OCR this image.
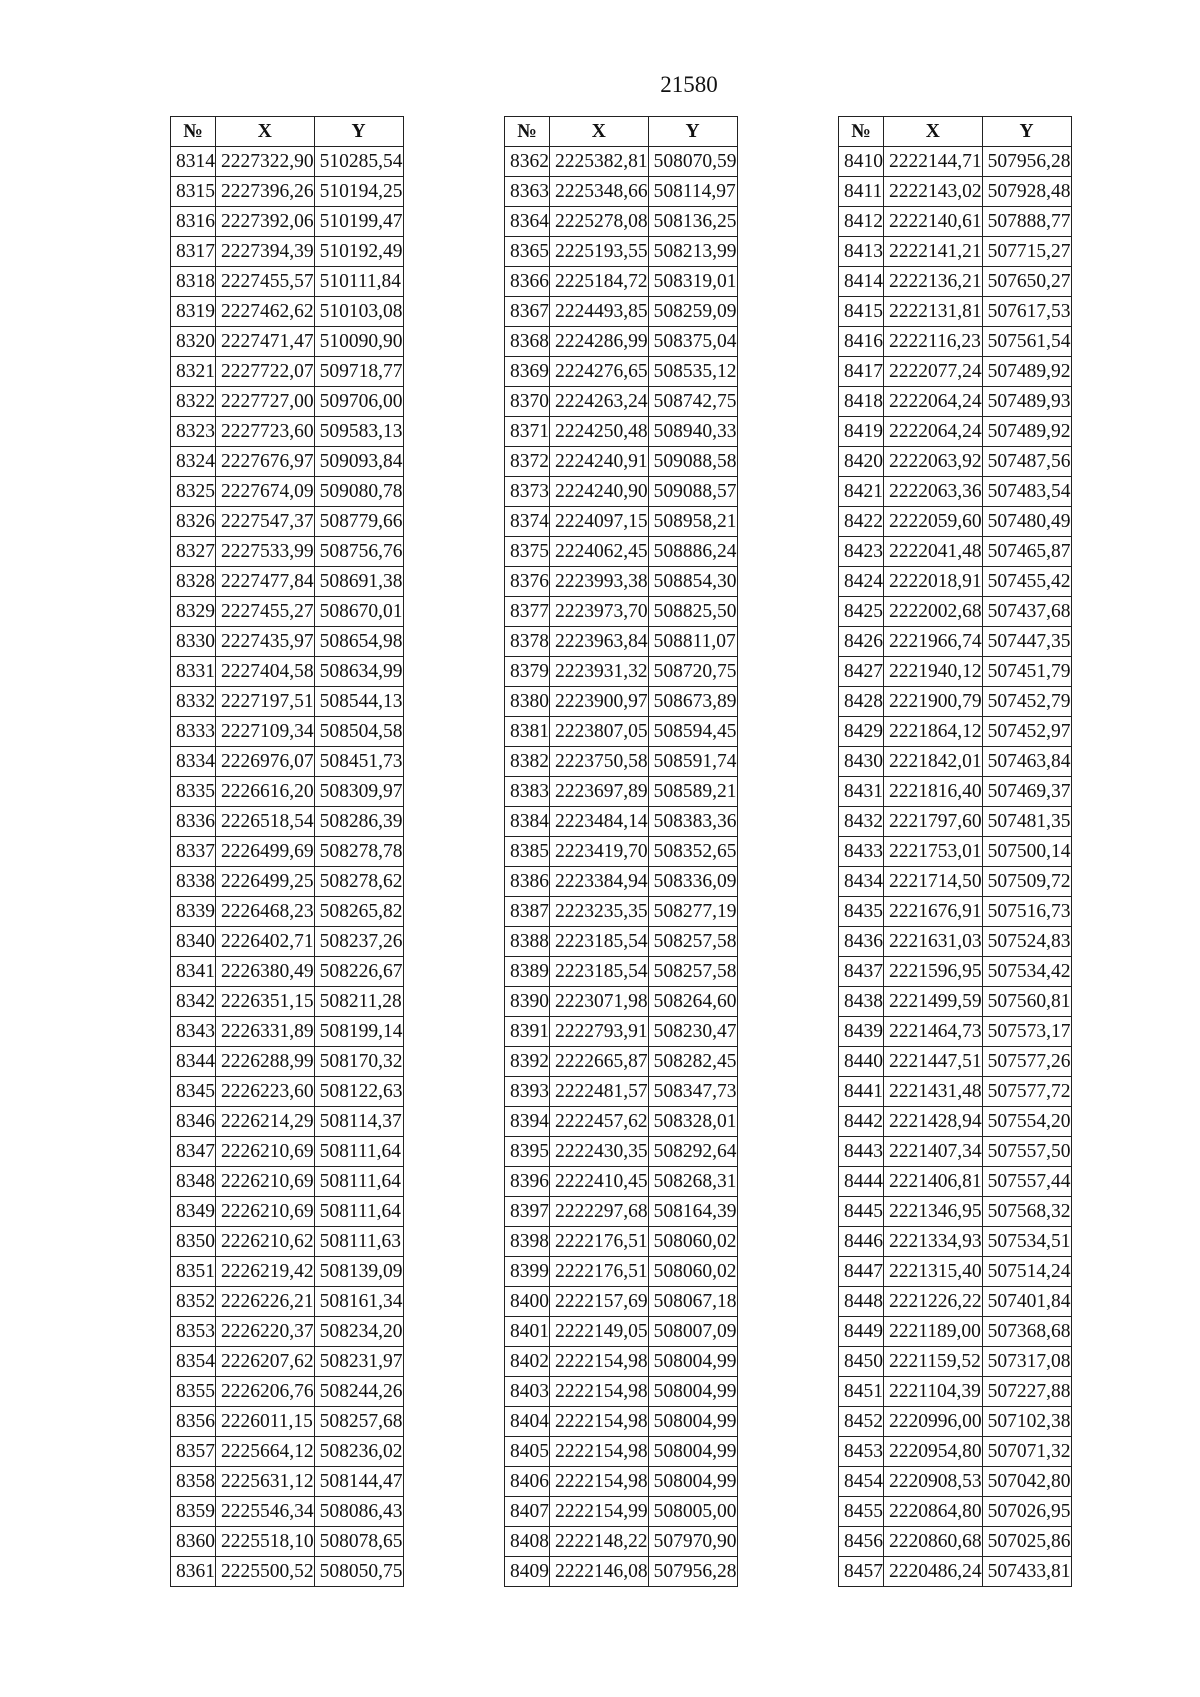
21580
№	X	Y
8314	2227322,90	510285,54
8315	2227396,26	510194,25
8316	2227392,06	510199,47
8317	2227394,39	510192,49
8318	2227455,57	510111,84
8319	2227462,62	510103,08
8320	2227471,47	510090,90
8321	2227722,07	509718,77
8322	2227727,00	509706,00
8323	2227723,60	509583,13
8324	2227676,97	509093,84
8325	2227674,09	509080,78
8326	2227547,37	508779,66
8327	2227533,99	508756,76
8328	2227477,84	508691,38
8329	2227455,27	508670,01
8330	2227435,97	508654,98
8331	2227404,58	508634,99
8332	2227197,51	508544,13
8333	2227109,34	508504,58
8334	2226976,07	508451,73
8335	2226616,20	508309,97
8336	2226518,54	508286,39
8337	2226499,69	508278,78
8338	2226499,25	508278,62
8339	2226468,23	508265,82
8340	2226402,71	508237,26
8341	2226380,49	508226,67
8342	2226351,15	508211,28
8343	2226331,89	508199,14
8344	2226288,99	508170,32
8345	2226223,60	508122,63
8346	2226214,29	508114,37
8347	2226210,69	508111,64
8348	2226210,69	508111,64
8349	2226210,69	508111,64
8350	2226210,62	508111,63
8351	2226219,42	508139,09
8352	2226226,21	508161,34
8353	2226220,37	508234,20
8354	2226207,62	508231,97
8355	2226206,76	508244,26
8356	2226011,15	508257,68
8357	2225664,12	508236,02
8358	2225631,12	508144,47
8359	2225546,34	508086,43
8360	2225518,10	508078,65
8361	2225500,52	508050,75
№	X	Y
8362	2225382,81	508070,59
8363	2225348,66	508114,97
8364	2225278,08	508136,25
8365	2225193,55	508213,99
8366	2225184,72	508319,01
8367	2224493,85	508259,09
8368	2224286,99	508375,04
8369	2224276,65	508535,12
8370	2224263,24	508742,75
8371	2224250,48	508940,33
8372	2224240,91	509088,58
8373	2224240,90	509088,57
8374	2224097,15	508958,21
8375	2224062,45	508886,24
8376	2223993,38	508854,30
8377	2223973,70	508825,50
8378	2223963,84	508811,07
8379	2223931,32	508720,75
8380	2223900,97	508673,89
8381	2223807,05	508594,45
8382	2223750,58	508591,74
8383	2223697,89	508589,21
8384	2223484,14	508383,36
8385	2223419,70	508352,65
8386	2223384,94	508336,09
8387	2223235,35	508277,19
8388	2223185,54	508257,58
8389	2223185,54	508257,58
8390	2223071,98	508264,60
8391	2222793,91	508230,47
8392	2222665,87	508282,45
8393	2222481,57	508347,73
8394	2222457,62	508328,01
8395	2222430,35	508292,64
8396	2222410,45	508268,31
8397	2222297,68	508164,39
8398	2222176,51	508060,02
8399	2222176,51	508060,02
8400	2222157,69	508067,18
8401	2222149,05	508007,09
8402	2222154,98	508004,99
8403	2222154,98	508004,99
8404	2222154,98	508004,99
8405	2222154,98	508004,99
8406	2222154,98	508004,99
8407	2222154,99	508005,00
8408	2222148,22	507970,90
8409	2222146,08	507956,28
№	X	Y
8410	2222144,71	507956,28
8411	2222143,02	507928,48
8412	2222140,61	507888,77
8413	2222141,21	507715,27
8414	2222136,21	507650,27
8415	2222131,81	507617,53
8416	2222116,23	507561,54
8417	2222077,24	507489,92
8418	2222064,24	507489,93
8419	2222064,24	507489,92
8420	2222063,92	507487,56
8421	2222063,36	507483,54
8422	2222059,60	507480,49
8423	2222041,48	507465,87
8424	2222018,91	507455,42
8425	2222002,68	507437,68
8426	2221966,74	507447,35
8427	2221940,12	507451,79
8428	2221900,79	507452,79
8429	2221864,12	507452,97
8430	2221842,01	507463,84
8431	2221816,40	507469,37
8432	2221797,60	507481,35
8433	2221753,01	507500,14
8434	2221714,50	507509,72
8435	2221676,91	507516,73
8436	2221631,03	507524,83
8437	2221596,95	507534,42
8438	2221499,59	507560,81
8439	2221464,73	507573,17
8440	2221447,51	507577,26
8441	2221431,48	507577,72
8442	2221428,94	507554,20
8443	2221407,34	507557,50
8444	2221406,81	507557,44
8445	2221346,95	507568,32
8446	2221334,93	507534,51
8447	2221315,40	507514,24
8448	2221226,22	507401,84
8449	2221189,00	507368,68
8450	2221159,52	507317,08
8451	2221104,39	507227,88
8452	2220996,00	507102,38
8453	2220954,80	507071,32
8454	2220908,53	507042,80
8455	2220864,80	507026,95
8456	2220860,68	507025,86
8457	2220486,24	507433,81
